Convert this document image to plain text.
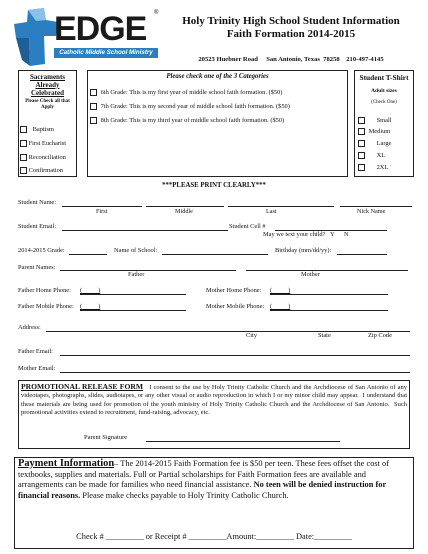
EDGE ®
Catholic Middle School Ministry
Holy Trinity High School Student Information
Faith Formation 2014-2015
20523 Huebner Road     San Antonio, Texas  78258    210-497-4145
Sacraments Already Celebrated
Please Check all that Apply
Baptism
First Eucharist
Reconciliation
Confirmation
Please check one of the 3 Categories
6th Grade: This is my first year of middle school faith formation. ($50)
7th Grade: This is my second year of middle school faith formation. ($50)
8th Grade: This is my third year of middle school faith formation. ($50)
Student T-Shirt
Adult sizes
(Check One)
Small
Medium
Large
XL
2XL
***PLEASE PRINT CLEARLY***
Student Name:
First	Middle	Last	Nick Name
Student Email:	Student Cell #
May we text your child?   Y      N
2014-2015 Grade:	Name of School:	Birthday (mm/dd/yy):
Parent Names:
Father	Mother
Father Home Phone: (          )	Mother Home Phone: (          )
Father Mobile Phone: (          )	Mother Mobile Phone: (          )
Address:
City	State	Zip Code
Father Email:
Mother Email:
PROMOTIONAL RELEASE FORM   I consent to the use by Holy Trinity Catholic Church and the Archdiocese of San Antonio of any videotapes, photographs, slides, audiotapes, or any other visual or audio reproduction in which I or my minor child may appear.  I understand that these materials are being used for promotion of the youth ministry of Holy Trinity Catholic Church and the Archdiocese of San Antonio.  Such promotional activities extend to recruitment, fund-raising, advocacy, etc.
Parent Signature
Payment Information– The 2014-2015 Faith Formation fee is $50 per teen. These fees offset the cost of textbooks, supplies and materials. Full or Partial scholarships for Faith Formation fees are available and arrangements can be made for families who need financial assistance. No teen will be denied instruction for financial reasons. Please make checks payable to Holy Trinity Catholic Church.
Check # _________ or Receipt # _________Amount:_________ Date:_________
